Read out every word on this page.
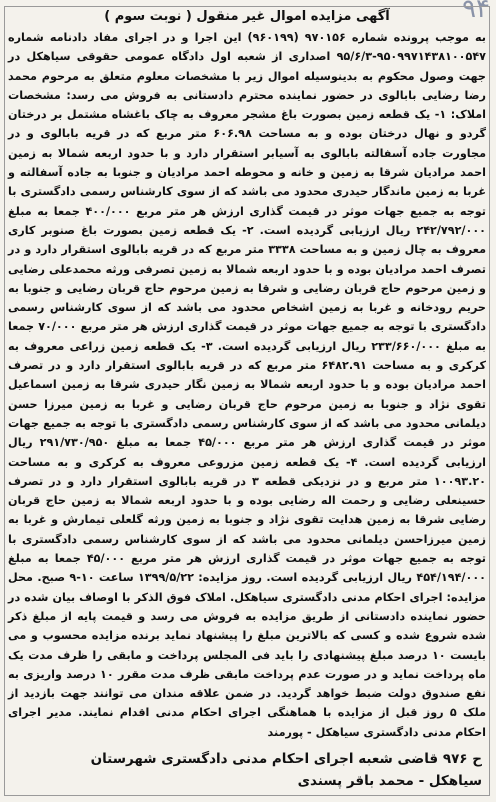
۹۴

آگهی مزایده اموال غیر منقول ( نوبت سوم )

به موجب پرونده شماره ۹۷۰۱۵۶ (۹۶۰۱۹۹) این اجرا و در اجرای مفاد دادنامه شماره ۹۵۰۹۹۷۱۴۳۸۱۰۰۵۴۷-۹۵/۶/۳ اصداری از شعبه اول دادگاه عمومی حقوقی سیاهکل در جهت وصول محکوم به بدینوسیله اموال زیر با مشخصات معلوم متعلق به مرحوم محمد رضا رضایی بابالوی در حضور نماینده محترم دادستانی به فروش می رسد: مشخصات املاک: ۱- یک قطعه زمین بصورت باغ مشجر معروف به چاک باغشاه مشتمل بر درختان گردو و نهال درختان بوده و به مساحت ۶۰۶.۹۸ متر مربع که در قریه بابالوی و در مجاورت جاده آسفالته بابالوی به آسیابر استقرار دارد و با حدود اربعه شمالا به زمین احمد مرادیان شرقا به زمین و خانه و محوطه احمد مرادیان و جنوبا به جاده آسفالته و غربا به زمین ماندگار حیدری محدود می باشد که از سوی کارشناس رسمی دادگستری با توجه به جمیع جهات موثر در قیمت گذاری ارزش هر متر مربع ۴۰۰/۰۰۰ جمعا به مبلغ ۲۴۲/۷۹۲/۰۰۰ ریال ارزیابی گردیده است. ۲- یک قطعه زمین بصورت باغ صنوبر کاری معروف به چال زمین و به مساحت ۳۳۳۸ متر مربع که در قریه بابالوی استقرار دارد و در تصرف احمد مرادیان بوده و با حدود اربعه شمالا به زمین تصرفی ورثه محمدعلی رضایی و زمین مرحوم حاج قربان رضایی و شرقا به زمین مرحوم حاج قربان رضایی و جنوبا به حریم رودخانه و غربا به زمین اشخاص محدود می باشد که از سوی کارشناس رسمی دادگستری با توجه به جمیع جهات موثر در قیمت گذاری ارزش هر متر مربع ۷۰/۰۰۰ جمعا به مبلغ ۲۳۳/۶۶۰/۰۰۰ ریال ارزیابی گردیده است. ۳- یک قطعه زمین زراعی معروف به کرکری و به مساحت ۶۴۸۲.۹۱ متر مربع که در قریه بابالوی استقرار دارد و در تصرف احمد مرادیان بوده و با حدود اربعه شمالا به زمین نگار حیدری شرقا به زمین اسماعیل تقوی نژاد و جنوبا به زمین مرحوم حاج قربان رضایی و غربا به زمین میرزا حسن دیلمانی محدود می باشد که از سوی کارشناس رسمی دادگستری با توجه به جمیع جهات موثر در قیمت گذاری ارزش هر متر مربع ۴۵/۰۰۰ جمعا به مبلغ ۲۹۱/۷۳۰/۹۵۰ ریال ارزیابی گردیده است. ۴- یک قطعه زمین مزروعی معروف به کرکری و به مساحت ۱۰۰۹۳.۲۰ متر مربع و در نزدیکی قطعه ۳ در قریه بابالوی استقرار دارد و در تصرف حسینعلی رضایی و رحمت اله رضایی بوده و با حدود اربعه شمالا به زمین حاج قربان رضایی شرقا به زمین هدایت تقوی نژاد و جنوبا به زمین ورثه گلعلی تیمارش و غربا به زمین میرزاحسن دیلمانی محدود می باشد که از سوی کارشناس رسمی دادگستری با توجه به جمیع جهات موثر در قیمت گذاری ارزش هر متر مربع ۴۵/۰۰۰ جمعا به مبلغ ۴۵۴/۱۹۴/۰۰۰ ریال ارزیابی گردیده است. روز مزایده: ۱۳۹۹/۵/۲۲ ساعت ۱۰-۹ صبح. محل مزایده: اجرای احکام مدنی دادگستری سیاهکل. املاک فوق الذکر با اوصاف بیان شده در حضور نماینده دادستانی از طریق مزایده به فروش می رسد و قیمت پایه از مبلغ ذکر شده شروع شده و کسی که بالاترین مبلغ را پیشنهاد نماید برنده مزایده محسوب و می بایست ۱۰ درصد مبلغ پیشنهادی را باید فی المجلس پرداخت و مابقی را ظرف مدت یک ماه پرداخت نماید و در صورت عدم پرداخت مابقی ظرف مدت مقرر ۱۰ درصد واریزی به نفع صندوق دولت ضبط خواهد گردید. در ضمن علاقه مندان می توانند جهت بازدید از ملک ۵ روز قبل از مزایده با هماهنگی اجرای احکام مدنی اقدام نمایند. مدیر اجرای احکام مدنی دادگستری سیاهکل - پورمند

ح ۹۷۶ قاضی شعبه اجرای احکام مدنی دادگستری شهرستان
سیاهکل - محمد باقر پسندی
